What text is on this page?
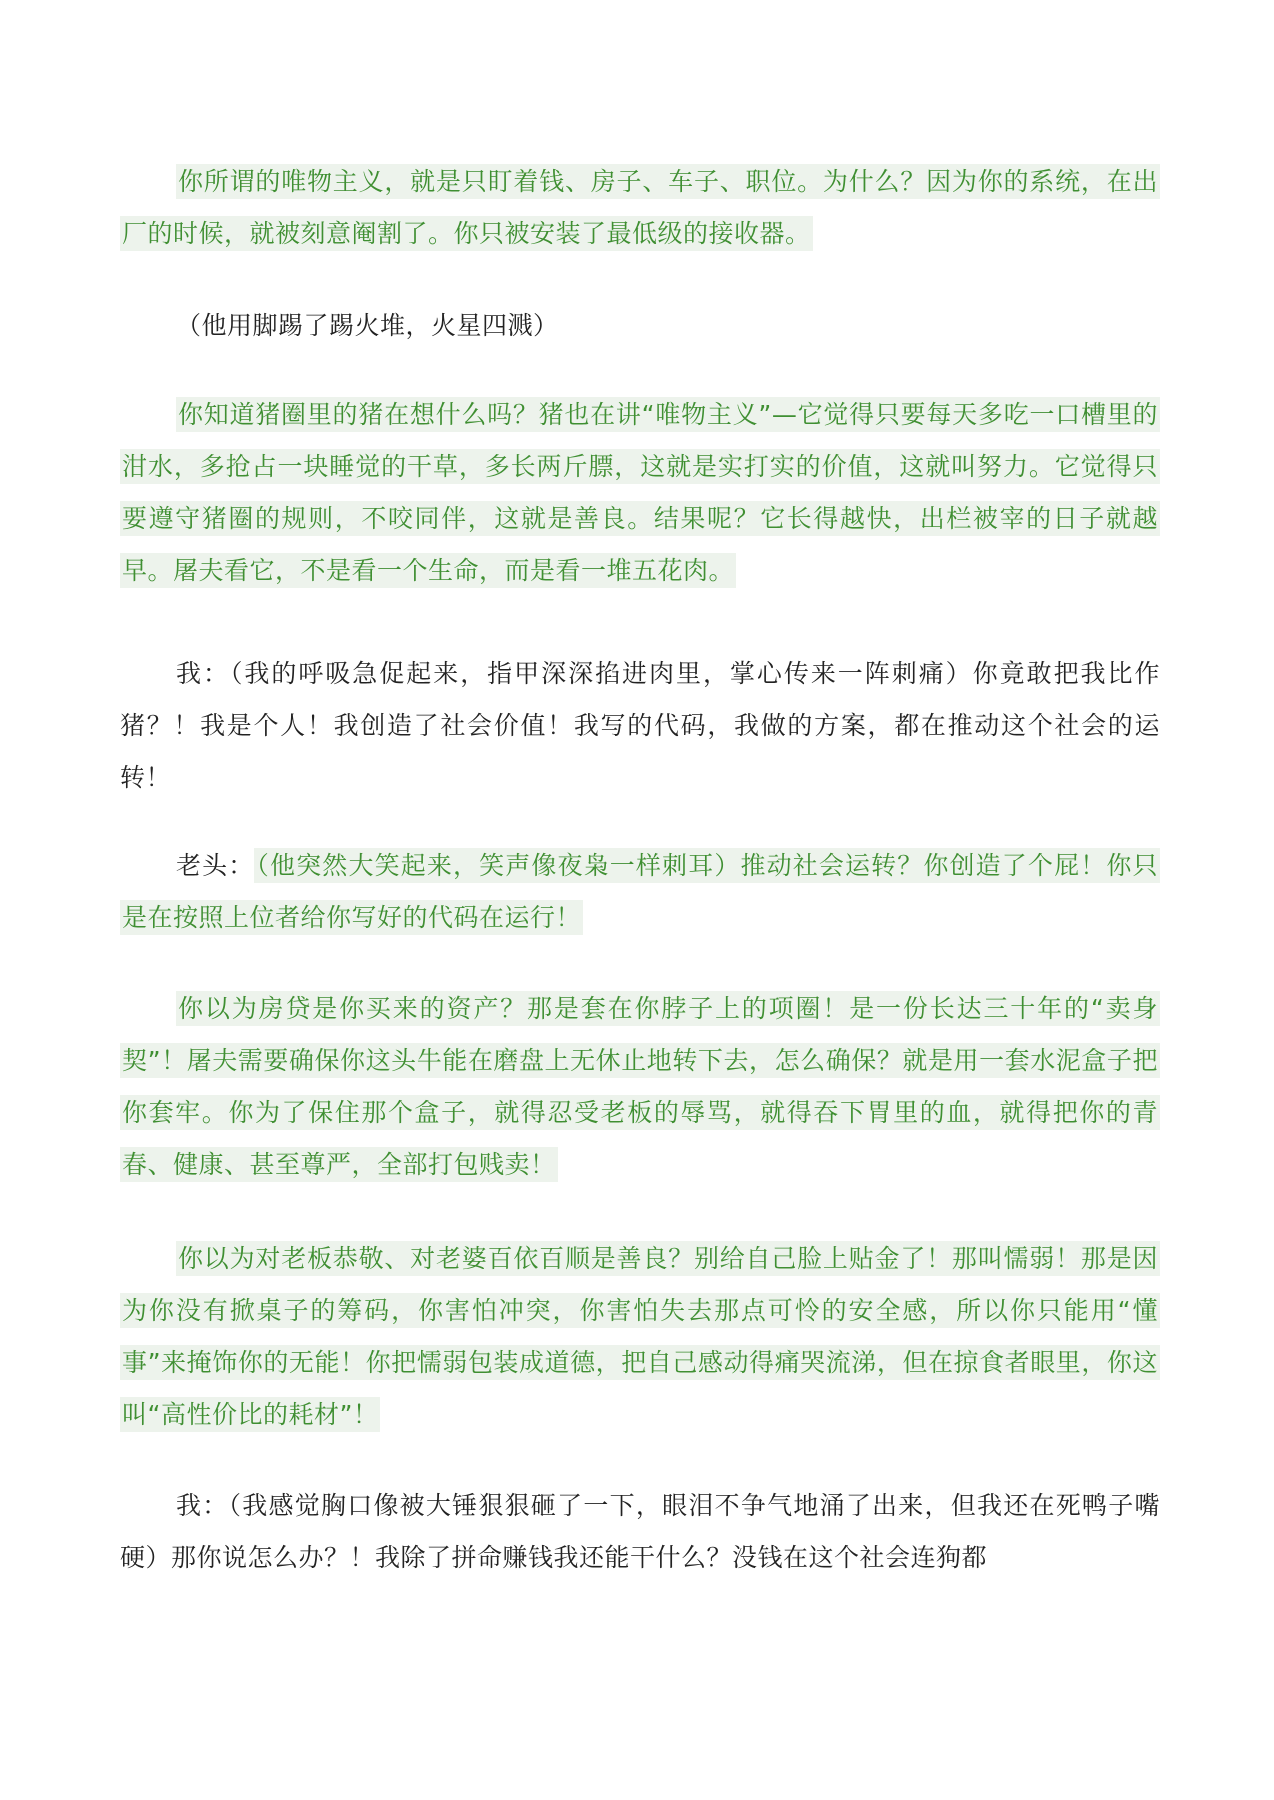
你所谓的唯物主义，就是只盯着钱、房子、车子、职位。为什么？因为你的系统，在出厂的时候，就被刻意阉割了。你只被安装了最低级的接收器。

（他用脚踢了踢火堆，火星四溅）

你知道猪圈里的猪在想什么吗？猪也在讲“唯物主义”—它觉得只要每天多吃一口槽里的泔水，多抢占一块睡觉的干草，多长两斤膘，这就是实打实的价值，这就叫努力。它觉得只要遵守猪圈的规则，不咬同伴，这就是善良。结果呢？它长得越快，出栏被宰的日子就越早。屠夫看它，不是看一个生命，而是看一堆五花肉。

我：（我的呼吸急促起来，指甲深深掐进肉里，掌心传来一阵刺痛）你竟敢把我比作猪？！我是个人！我创造了社会价值！我写的代码，我做的方案，都在推动这个社会的运转！

老头：（他突然大笑起来，笑声像夜枭一样刺耳）推动社会运转？你创造了个屁！你只是在按照上位者给你写好的代码在运行！

你以为房贷是你买来的资产？那是套在你脖子上的项圈！是一份长达三十年的“卖身契”！屠夫需要确保你这头牛能在磨盘上无休止地转下去，怎么确保？就是用一套水泥盒子把你套牢。你为了保住那个盒子，就得忍受老板的辱骂，就得吞下胃里的血，就得把你的青春、健康、甚至尊严，全部打包贱卖！

你以为对老板恭敬、对老婆百依百顺是善良？别给自己脸上贴金了！那叫懦弱！那是因为你没有掀桌子的筹码，你害怕冲突，你害怕失去那点可怜的安全感，所以你只能用“懂事”来掩饰你的无能！你把懦弱包装成道德，把自己感动得痛哭流涕，但在掠食者眼里，你这叫“高性价比的耗材”！

我：（我感觉胸口像被大锤狠狠砸了一下，眼泪不争气地涌了出来，但我还在死鸭子嘴硬）那你说怎么办？！我除了拼命赚钱我还能干什么？没钱在这个社会连狗都
